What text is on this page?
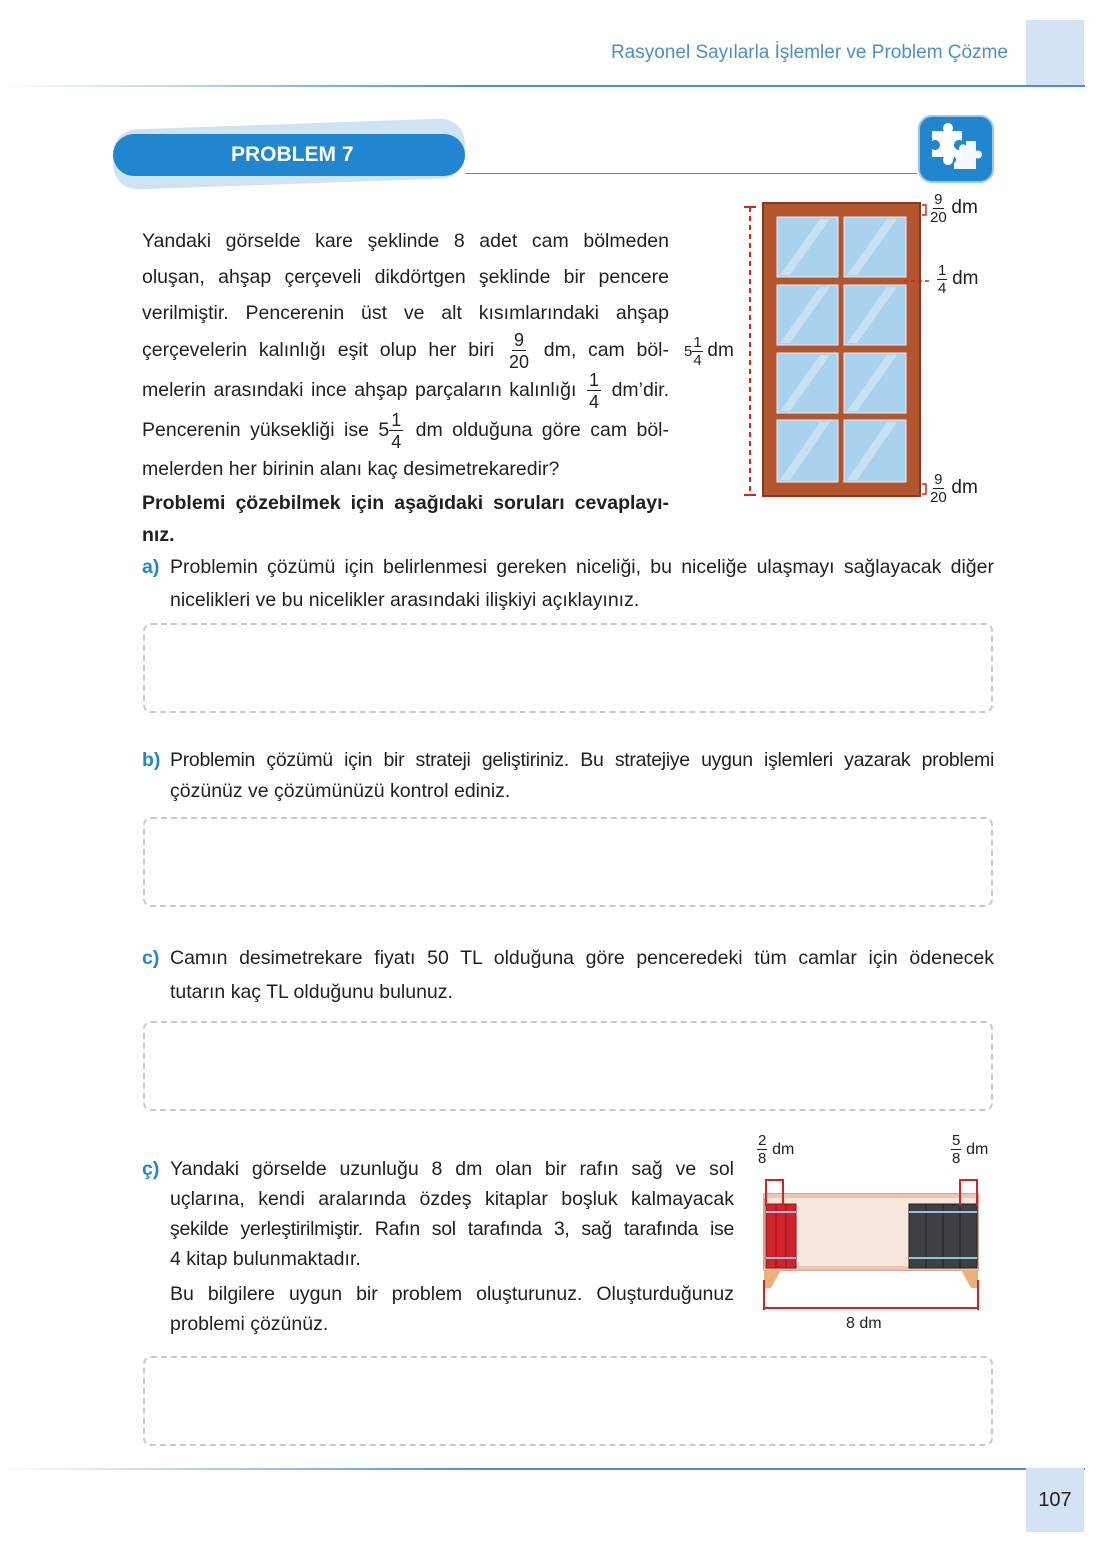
Rasyonel Sayılarla İşlemler ve Problem Çözme
PROBLEM 7
Yandaki görselde kare şeklinde 8 adet cam bölmeden
oluşan, ahşap çerçeveli dikdörtgen şeklinde bir pencere
verilmiştir. Pencerenin üst ve alt kısımlarındaki ahşap
çerçevelerin kalınlığı eşit olup her biri $\frac{9}{20}$ dm, cam böl-
melerin arasındaki ince ahşap parçaların kalınlığı $\frac{1}{4}$ dm’dir.
Pencerenin yüksekliği ise $5 \frac{1}{4}$ dm olduğuna göre cam böl-
melerden her birinin alanı kaç desimetrekaredir?
Problemi çözebilmek için aşağıdaki soruları cevaplayı-
nız.
$\frac{9}{20}$ dm
$\frac{1}{4}$ dm
$\frac{9}{20}$ dm
$5 \frac{1}{4}$ dm
a) Problemin çözümü için belirlenmesi gereken niceliği, bu niceliğe ulaşmayı sağlayacak diğer
nicelikleri ve bu nicelikler arasındaki ilişkiyi açıklayınız.
b) Problemin çözümü için bir strateji geliştiriniz. Bu stratejiye uygun işlemleri yazarak problemi
çözünüz ve çözümünüzü kontrol ediniz.
c) Camın desimetrekare fiyatı 50 TL olduğuna göre penceredeki tüm camlar için ödenecek
tutarın kaç TL olduğunu bulunuz.
ç) Yandaki görselde uzunluğu 8 dm olan bir rafın sağ ve sol
uçlarına, kendi aralarında özdeş kitaplar boşluk kalmayacak
şekilde yerleştirilmiştir. Rafın sol tarafında 3, sağ tarafında ise
4 kitap bulunmaktadır.
Bu bilgilere uygun bir problem oluşturunuz. Oluşturduğunuz
problemi çözünüz.
$\frac{2}{8}$ dm	$\frac{5}{8}$ dm
8 dm
107
